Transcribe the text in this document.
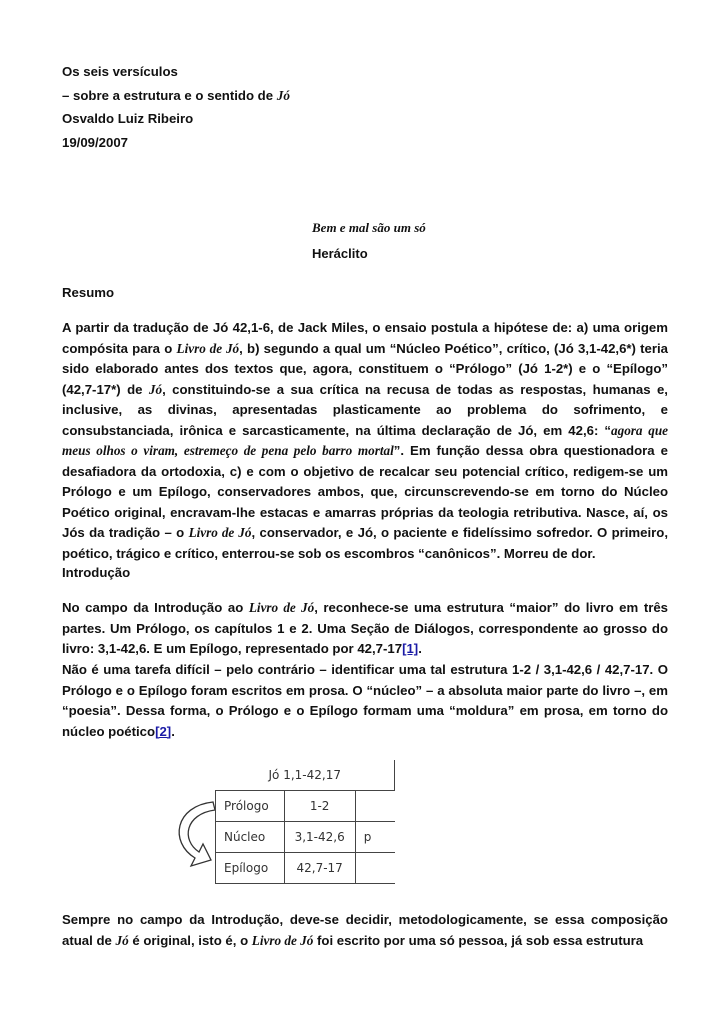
Os seis versículos

– sobre a estrutura e o sentido de Jó

Osvaldo Luiz Ribeiro

19/09/2007

Bem e mal são um só
Heráclito
Resumo

A partir da tradução de Jó 42,1-6, de Jack Miles, o ensaio postula a hipótese de: a) uma origem compósita para o Livro de Jó, b) segundo a qual um “Núcleo Poético”, crítico, (Jó 3,1-42,6*) teria sido elaborado antes dos textos que, agora, constituem o “Prólogo” (Jó 1-2*) e o “Epílogo” (42,7-17*) de Jó, constituindo-se a sua crítica na recusa de todas as respostas, humanas e, inclusive, as divinas, apresentadas plasticamente ao problema do sofrimento, e consubstanciada, irônica e sarcasticamente, na última declaração de Jó, em 42,6: “agora que meus olhos o viram, estremeço de pena pelo barro mortal”. Em função dessa obra questionadora e desafiadora da ortodoxia, c) e com o objetivo de recalcar seu potencial crítico, redigem-se um Prólogo e um Epílogo, conservadores ambos, que, circunscrevendo-se em torno do Núcleo Poético original, encravam-lhe estacas e amarras próprias da teologia retributiva. Nasce, aí, os Jós da tradição – o Livro de Jó, conservador, e Jó, o paciente e fidelíssimo sofredor. O primeiro, poético, trágico e crítico, enterrou-se sob os escombros “canônicos”. Morreu de dor.

Introdução

No campo da Introdução ao Livro de Jó, reconhece-se uma estrutura “maior” do livro em três partes. Um Prólogo, os capítulos 1 e 2. Uma Seção de Diálogos, correspondente ao grosso do livro: 3,1-42,6. E um Epílogo, representado por 42,7-17[1].

Não é uma tarefa difícil – pelo contrário – identificar uma tal estrutura 1-2 / 3,1-42,6 / 42,7-17. O Prólogo e o Epílogo foram escritos em prosa. O “núcleo” – a absoluta maior parte do livro –, em “poesia”. Dessa forma, o Prólogo e o Epílogo formam uma “moldura” em prosa, em torno do núcleo poético[2].

Jó 1,1-42,17		
Prólogo	1-2	
Núcleo	3,1-42,6	p
Epílogo	42,7-17	

Sempre no campo da Introdução, deve-se decidir, metodologicamente, se essa composição atual de Jó é original, isto é, o Livro de Jó foi escrito por uma só pessoa, já sob essa estrutura
